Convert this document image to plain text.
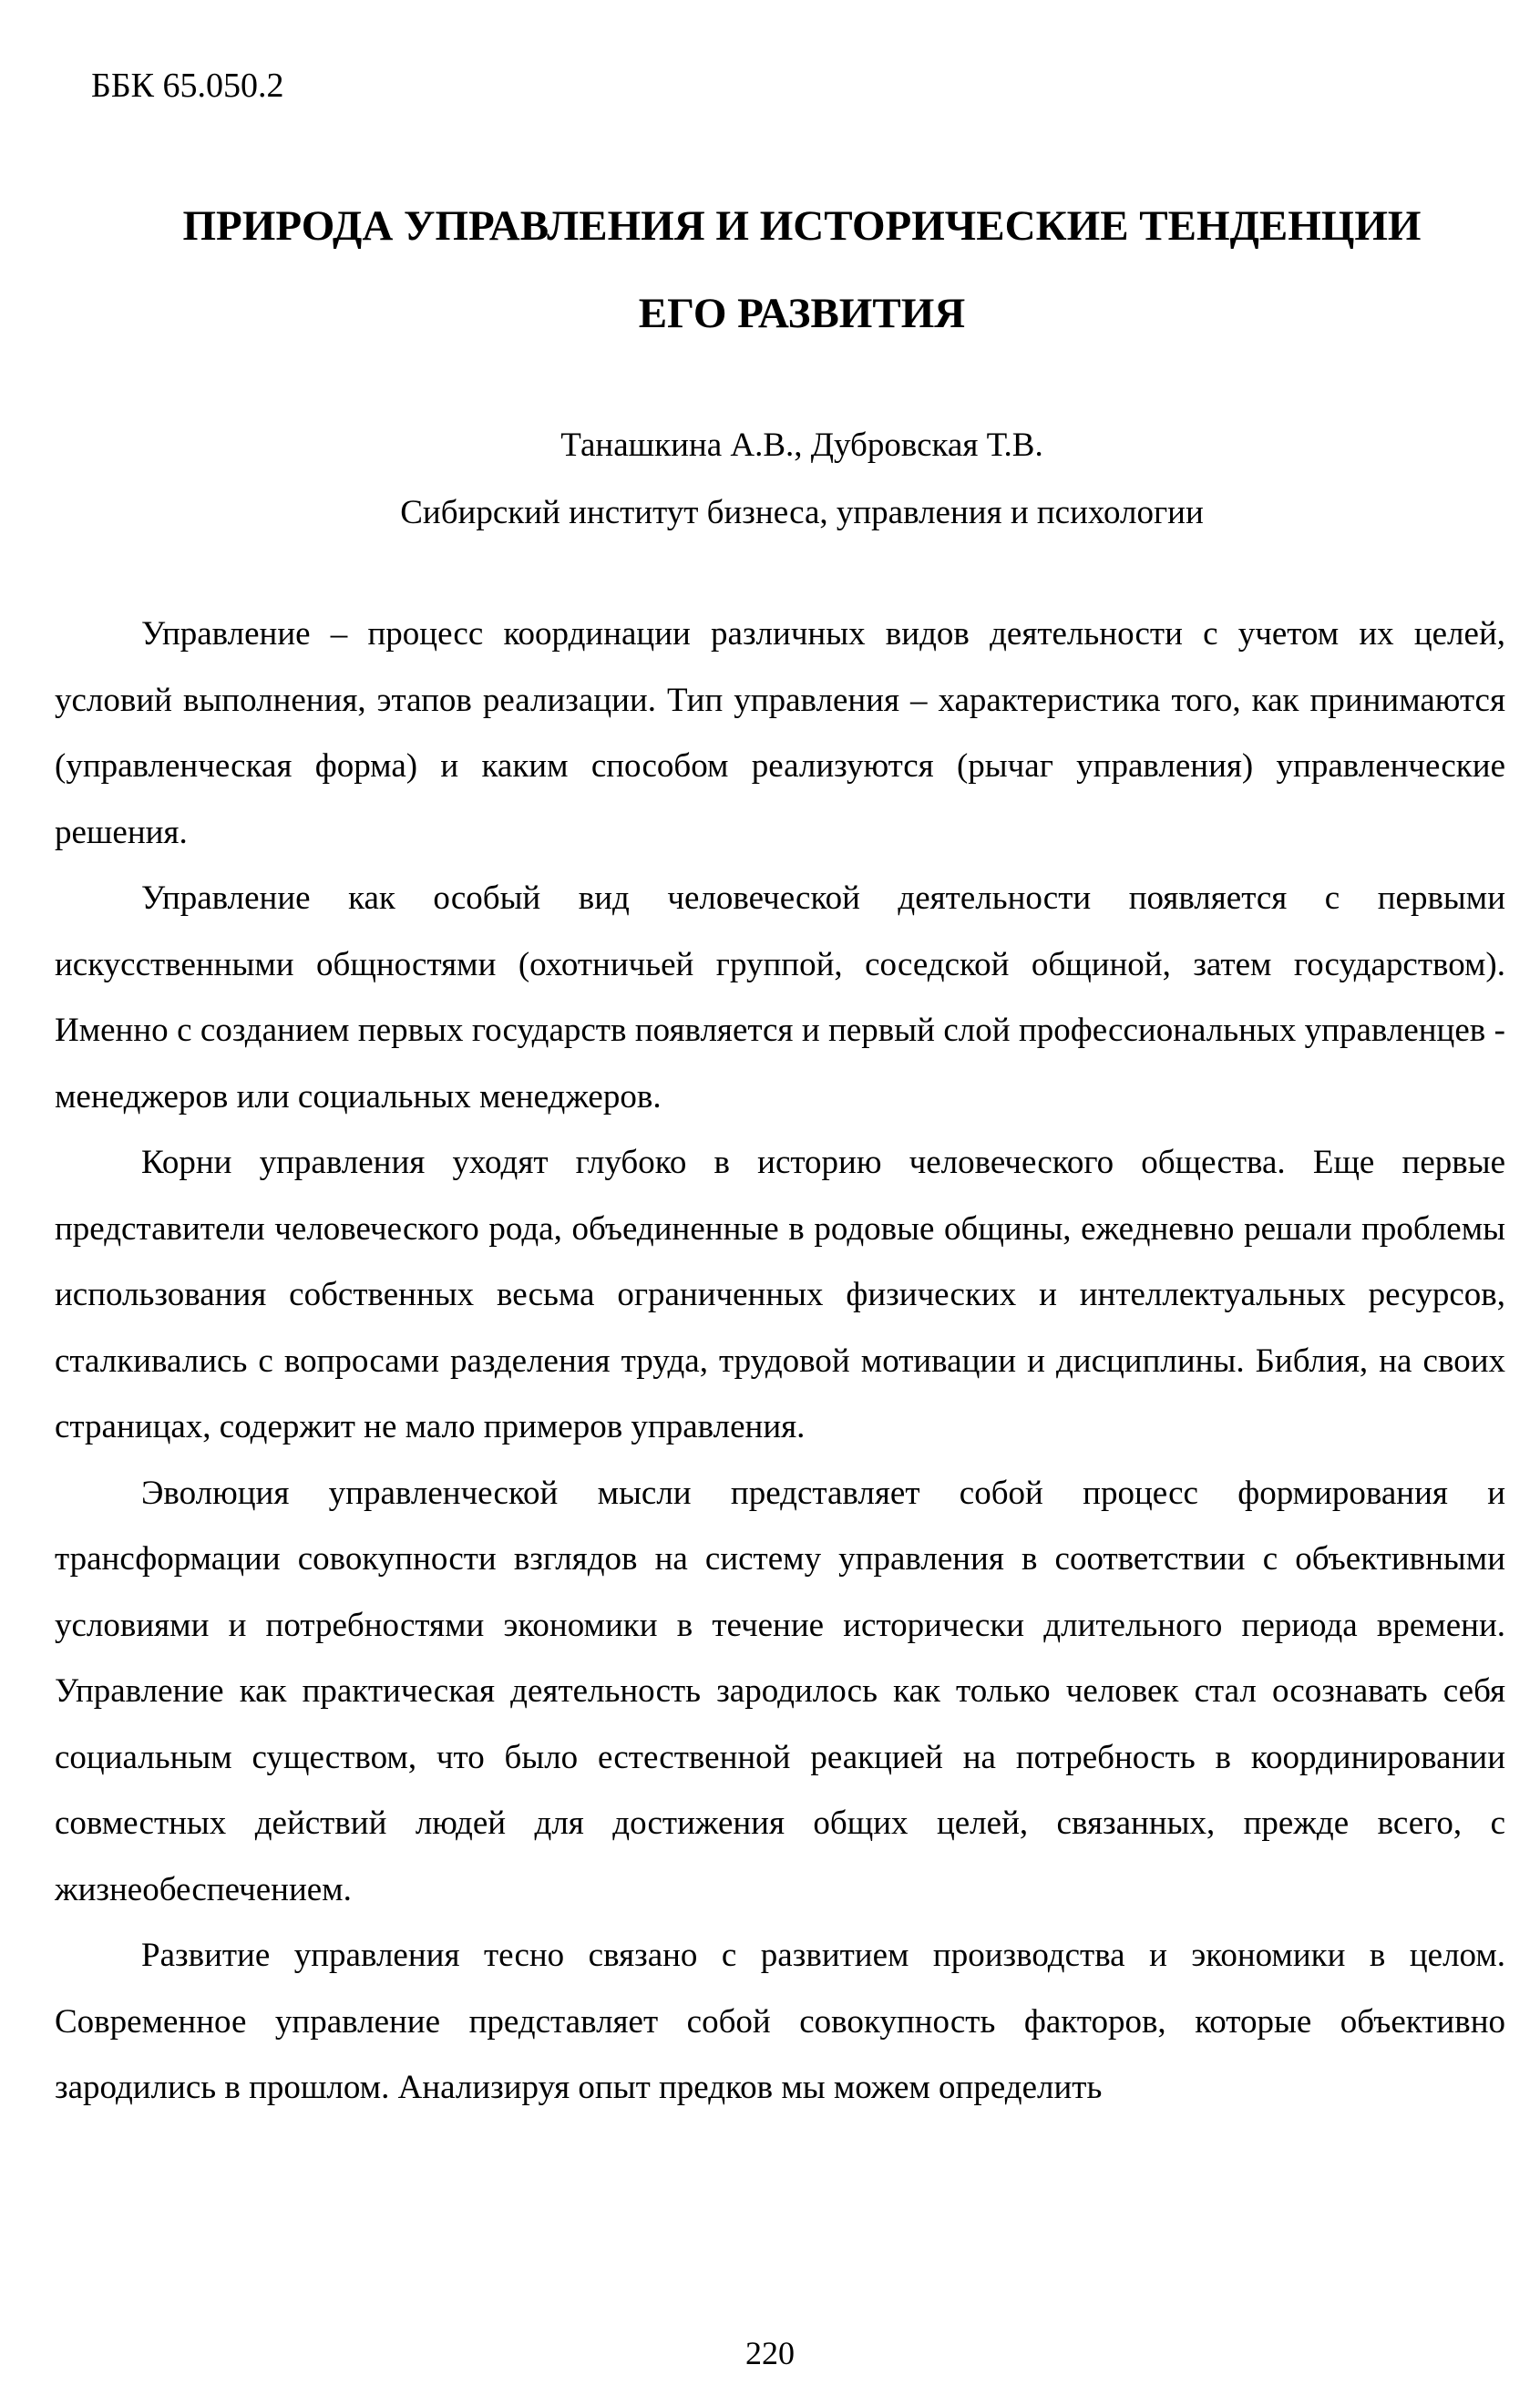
ББК 65.050.2
ПРИРОДА УПРАВЛЕНИЯ И ИСТОРИЧЕСКИЕ ТЕНДЕНЦИИ
ЕГО РАЗВИТИЯ
Танашкина А.В., Дубровская Т.В.
Сибирский институт бизнеса, управления и психологии

Управление – процесс координации различных видов деятельности с учетом их целей, условий выполнения, этапов реализации. Тип управления – характеристика того, как принимаются (управленческая форма) и каким способом реализуются (рычаг управления) управленческие решения.

Управление как особый вид человеческой деятельности появляется с первыми искусственными общностями (охотничьей группой, соседской общиной, затем государством). Именно с созданием первых государств появляется и первый слой профессиональных управленцев - менеджеров или социальных менеджеров.

Корни управления уходят глубоко в историю человеческого общества. Еще первые представители человеческого рода, объединенные в родовые общины, ежедневно решали проблемы использования собственных весьма ограниченных физических и интеллектуальных ресурсов, сталкивались с вопросами разделения труда, трудовой мотивации и дисциплины. Библия, на своих страницах, содержит не мало примеров управления.

Эволюция управленческой мысли представляет собой процесс формирования и трансформации совокупности взглядов на систему управления в соответствии с объективными условиями и потребностями экономики в течение исторически длительного периода времени. Управление как практическая деятельность зародилось как только человек стал осознавать себя социальным существом, что было естественной реакцией на потребность в координировании совместных действий людей для достижения общих целей, связанных, прежде всего, с жизнеобеспечением.

Развитие управления тесно связано с развитием производства и экономики в целом. Современное управление представляет собой совокупность факторов, которые объективно зародились в прошлом. Анализируя опыт предков мы можем определить

220
